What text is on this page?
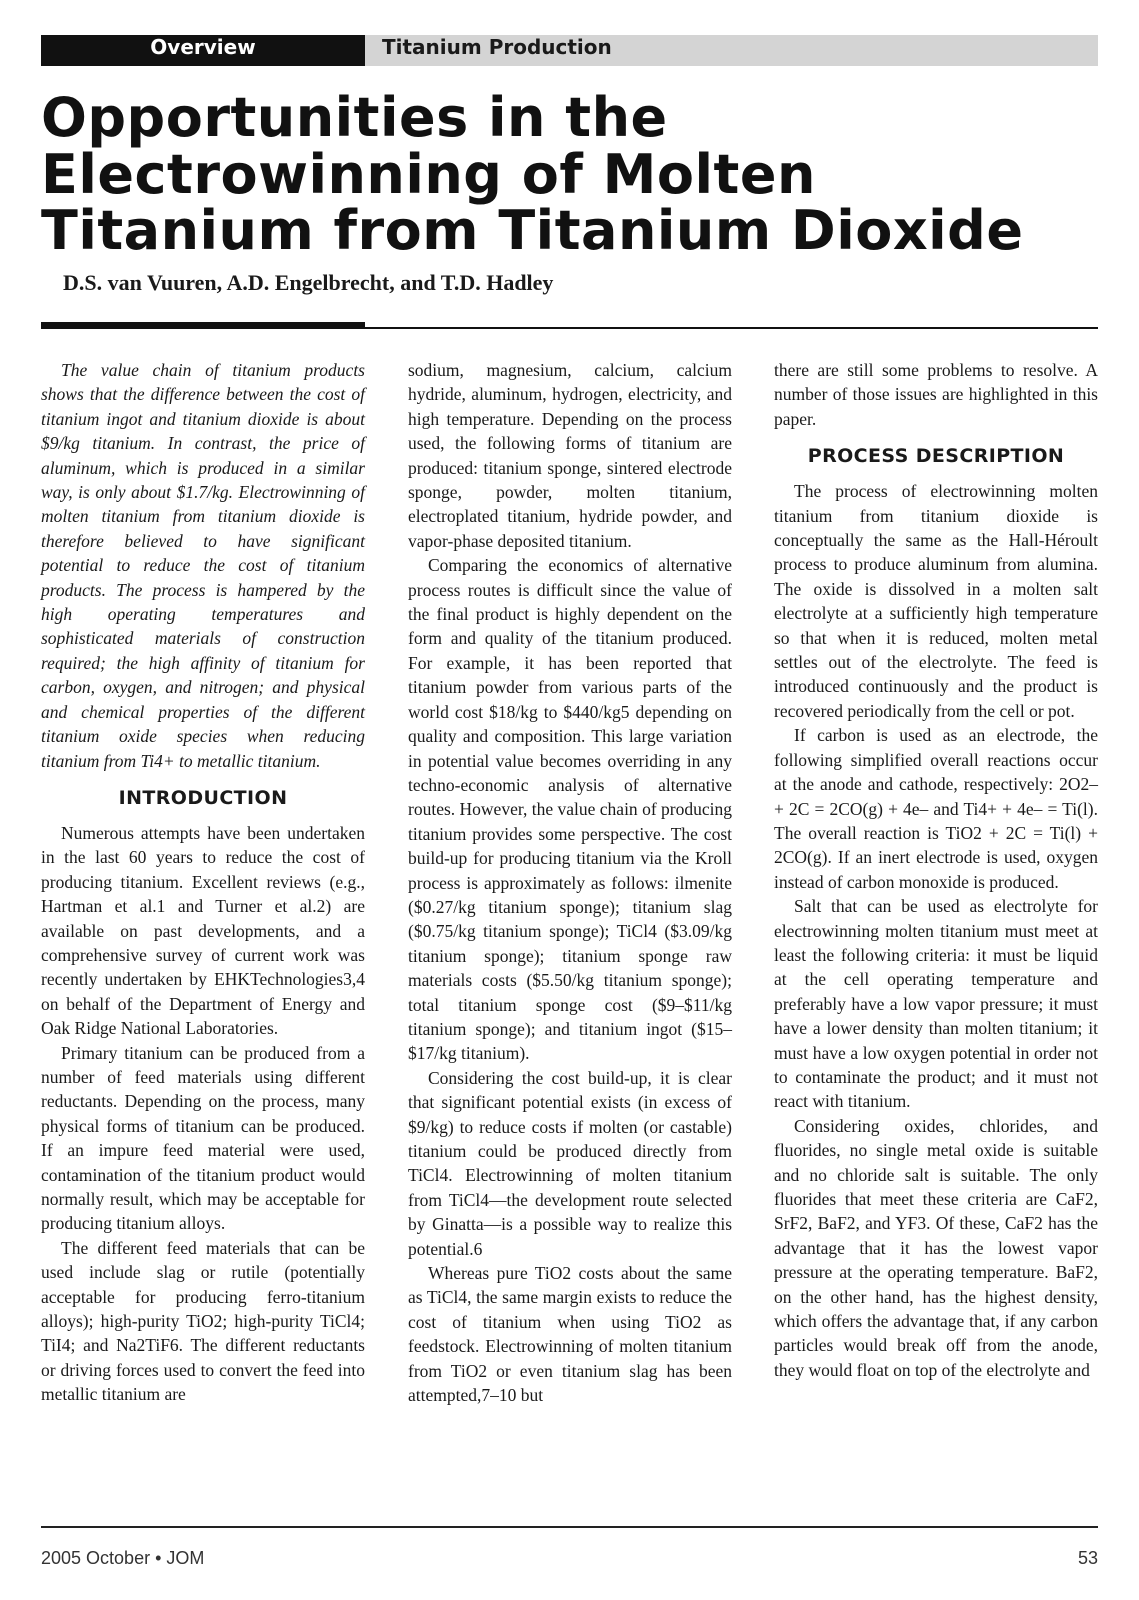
Overview	Titanium Production
Opportunities in the Electrowinning of Molten Titanium from Titanium Dioxide

D.S. van Vuuren, A.D. Engelbrecht, and T.D. Hadley

The value chain of titanium products shows that the difference between the cost of titanium ingot and titanium dioxide is about $9/kg titanium. In contrast, the price of aluminum, which is produced in a similar way, is only about $1.7/kg. Electrowinning of molten titanium from titanium dioxide is therefore believed to have significant potential to reduce the cost of titanium products. The process is hampered by the high operating temperatures and sophisticated materials of construction required; the high affinity of titanium for carbon, oxygen, and nitrogen; and physical and chemical properties of the different titanium oxide species when reducing titanium from Ti4+ to metallic titanium.

INTRODUCTION

Numerous attempts have been undertaken in the last 60 years to reduce the cost of producing titanium. Excellent reviews (e.g., Hartman et al.1 and Turner et al.2) are available on past developments, and a comprehensive survey of current work was recently undertaken by EHKTechnologies3,4 on behalf of the Department of Energy and Oak Ridge National Laboratories.

Primary titanium can be produced from a number of feed materials using different reductants. Depending on the process, many physical forms of titanium can be produced. If an impure feed material were used, contamination of the titanium product would normally result, which may be acceptable for producing titanium alloys.

The different feed materials that can be used include slag or rutile (potentially acceptable for producing ferro-titanium alloys); high-purity TiO2; high-purity TiCl4; TiI4; and Na2TiF6. The different reductants or driving forces used to convert the feed into metallic titanium are

sodium, magnesium, calcium, calcium hydride, aluminum, hydrogen, electricity, and high temperature. Depending on the process used, the following forms of titanium are produced: titanium sponge, sintered electrode sponge, powder, molten titanium, electroplated titanium, hydride powder, and vapor-phase deposited titanium.

Comparing the economics of alternative process routes is difficult since the value of the final product is highly dependent on the form and quality of the titanium produced. For example, it has been reported that titanium powder from various parts of the world cost $18/kg to $440/kg5 depending on quality and composition. This large variation in potential value becomes overriding in any techno-economic analysis of alternative routes. However, the value chain of producing titanium provides some perspective. The cost build-up for producing titanium via the Kroll process is approximately as follows: ilmenite ($0.27/kg titanium sponge); titanium slag ($0.75/kg titanium sponge); TiCl4 ($3.09/kg titanium sponge); titanium sponge raw materials costs ($5.50/kg titanium sponge); total titanium sponge cost ($9–$11/kg titanium sponge); and titanium ingot ($15–$17/kg titanium).

Considering the cost build-up, it is clear that significant potential exists (in excess of $9/kg) to reduce costs if molten (or castable) titanium could be produced directly from TiCl4. Electrowinning of molten titanium from TiCl4—the development route selected by Ginatta—is a possible way to realize this potential.6

Whereas pure TiO2 costs about the same as TiCl4, the same margin exists to reduce the cost of titanium when using TiO2 as feedstock. Electrowinning of molten titanium from TiO2 or even titanium slag has been attempted,7–10 but

there are still some problems to resolve. A number of those issues are highlighted in this paper.

PROCESS DESCRIPTION

The process of electrowinning molten titanium from titanium dioxide is conceptually the same as the Hall-Héroult process to produce aluminum from alumina. The oxide is dissolved in a molten salt electrolyte at a sufficiently high temperature so that when it is reduced, molten metal settles out of the electrolyte. The feed is introduced continuously and the product is recovered periodically from the cell or pot.

If carbon is used as an electrode, the following simplified overall reactions occur at the anode and cathode, respectively: 2O2– + 2C = 2CO(g) + 4e– and Ti4+ + 4e– = Ti(l). The overall reaction is TiO2 + 2C = Ti(l) + 2CO(g). If an inert electrode is used, oxygen instead of carbon monoxide is produced.

Salt that can be used as electrolyte for electrowinning molten titanium must meet at least the following criteria: it must be liquid at the cell operating temperature and preferably have a low vapor pressure; it must have a lower density than molten titanium; it must have a low oxygen potential in order not to contaminate the product; and it must not react with titanium.

Considering oxides, chlorides, and fluorides, no single metal oxide is suitable and no chloride salt is suitable. The only fluorides that meet these criteria are CaF2, SrF2, BaF2, and YF3. Of these, CaF2 has the advantage that it has the lowest vapor pressure at the operating temperature. BaF2, on the other hand, has the highest density, which offers the advantage that, if any carbon particles would break off from the anode, they would float on top of the electrolyte and

2005 October • JOM	53
